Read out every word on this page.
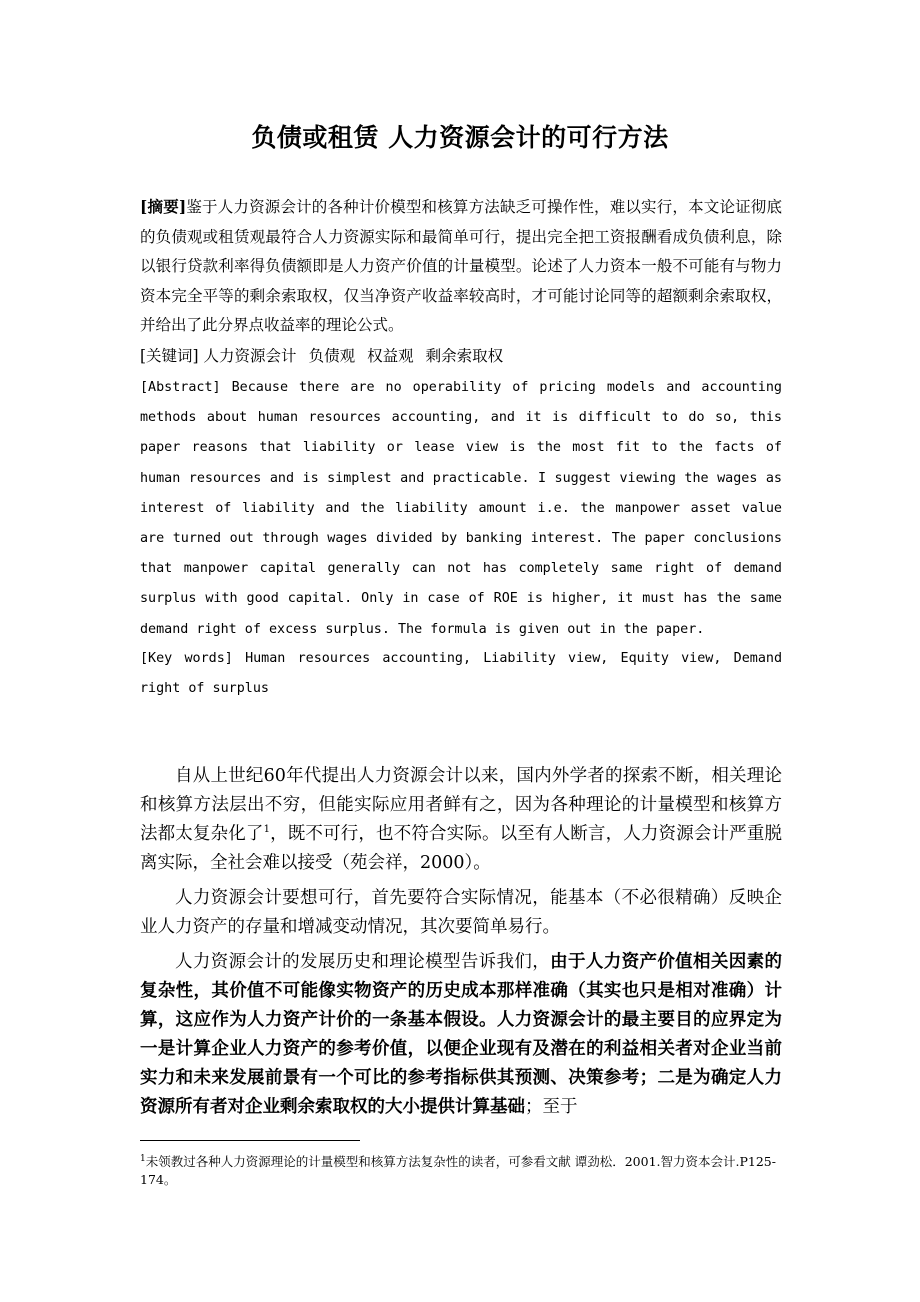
负债或租赁 人力资源会计的可行方法

[摘要]鉴于人力资源会计的各种计价模型和核算方法缺乏可操作性，难以实行，本文论证彻底的负债观或租赁观最符合人力资源实际和最简单可行，提出完全把工资报酬看成负债利息，除以银行贷款利率得负债额即是人力资产价值的计量模型。论述了人力资本一般不可能有与物力资本完全平等的剩余索取权，仅当净资产收益率较高时，才可能讨论同等的超额剩余索取权，并给出了此分界点收益率的理论公式。

[关键词] 人力资源会计 负债观 权益观 剩余索取权

[Abstract] Because there are no operability of pricing models and accounting methods about human resources accounting, and it is difficult to do so, this paper reasons that liability or lease view is the most fit to the facts of human resources and is simplest and practicable. I suggest viewing the wages as interest of liability and the liability amount i.e. the manpower asset value are turned out through wages divided by banking interest. The paper conclusions that manpower capital generally can not has completely same right of demand surplus with good capital. Only in case of ROE is higher, it must has the same demand right of excess surplus. The formula is given out in the paper.

[Key words] Human resources accounting, Liability view, Equity view, Demand right of surplus

自从上世纪60年代提出人力资源会计以来，国内外学者的探索不断，相关理论和核算方法层出不穷，但能实际应用者鲜有之，因为各种理论的计量模型和核算方法都太复杂化了$^1$，既不可行，也不符合实际。以至有人断言，人力资源会计严重脱离实际，全社会难以接受（苑会祥，2000）。

人力资源会计要想可行，首先要符合实际情况，能基本（不必很精确）反映企业人力资产的存量和增减变动情况，其次要简单易行。

人力资源会计的发展历史和理论模型告诉我们，由于人力资产价值相关因素的复杂性，其价值不可能像实物资产的历史成本那样准确（其实也只是相对准确）计算，这应作为人力资产计价的一条基本假设。人力资源会计的最主要目的应界定为一是计算企业人力资产的参考价值，以便企业现有及潜在的利益相关者对企业当前实力和未来发展前景有一个可比的参考指标供其预测、决策参考；二是为确定人力资源所有者对企业剩余索取权的大小提供计算基础；至于

$^1$未领教过各种人力资源理论的计量模型和核算方法复杂性的读者，可参看文献 谭劲松．2001.智力资本会计.P125-174。
